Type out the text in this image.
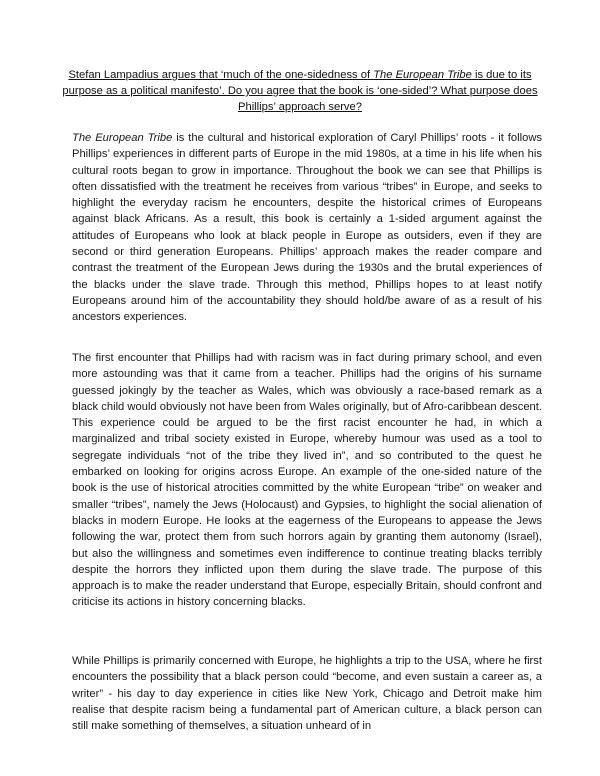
Stefan Lampadius argues that ‘much of the one-sidedness of The European Tribe is due to its purpose as a political manifesto’. Do you agree that the book is ‘one-sided’? What purpose does Phillips’ approach serve?

The European Tribe is the cultural and historical exploration of Caryl Phillips’ roots - it follows Phillips’ experiences in different parts of Europe in the mid 1980s, at a time in his life when his cultural roots began to grow in importance. Throughout the book we can see that Phillips is often dissatisfied with the treatment he receives from various “tribes” in Europe, and seeks to highlight the everyday racism he encounters, despite the historical crimes of Europeans against black Africans. As a result, this book is certainly a 1-sided argument against the attitudes of Europeans who look at black people in Europe as outsiders, even if they are second or third generation Europeans. Phillips’ approach makes the reader compare and contrast the treatment of the European Jews during the 1930s and the brutal experiences of the blacks under the slave trade. Through this method, Phillips hopes to at least notify Europeans around him of the accountability they should hold/be aware of as a result of his ancestors experiences.

The first encounter that Phillips had with racism was in fact during primary school, and even more astounding was that it came from a teacher. Phillips had the origins of his surname guessed jokingly by the teacher as Wales, which was obviously a race-based remark as a black child would obviously not have been from Wales originally, but of Afro-caribbean descent. This experience could be argued to be the first racist encounter he had, in which a marginalized and tribal society existed in Europe, whereby humour was used as a tool to segregate individuals “not of the tribe they lived in”, and so contributed to the quest he embarked on looking for origins across Europe. An example of the one-sided nature of the book is the use of historical atrocities committed by the white European “tribe” on weaker and smaller “tribes”, namely the Jews (Holocaust) and Gypsies, to highlight the social alienation of blacks in modern Europe. He looks at the eagerness of the Europeans to appease the Jews following the war, protect them from such horrors again by granting them autonomy (Israel), but also the willingness and sometimes even indifference to continue treating blacks terribly despite the horrors they inflicted upon them during the slave trade. The purpose of this approach is to make the reader understand that Europe, especially Britain, should confront and criticise its actions in history concerning blacks.

While Phillips is primarily concerned with Europe, he highlights a trip to the USA, where he first encounters the possibility that a black person could “become, and even sustain a career as, a writer” - his day to day experience in cities like New York, Chicago and Detroit make him realise that despite racism being a fundamental part of American culture, a black person can still make something of themselves, a situation unheard of in
